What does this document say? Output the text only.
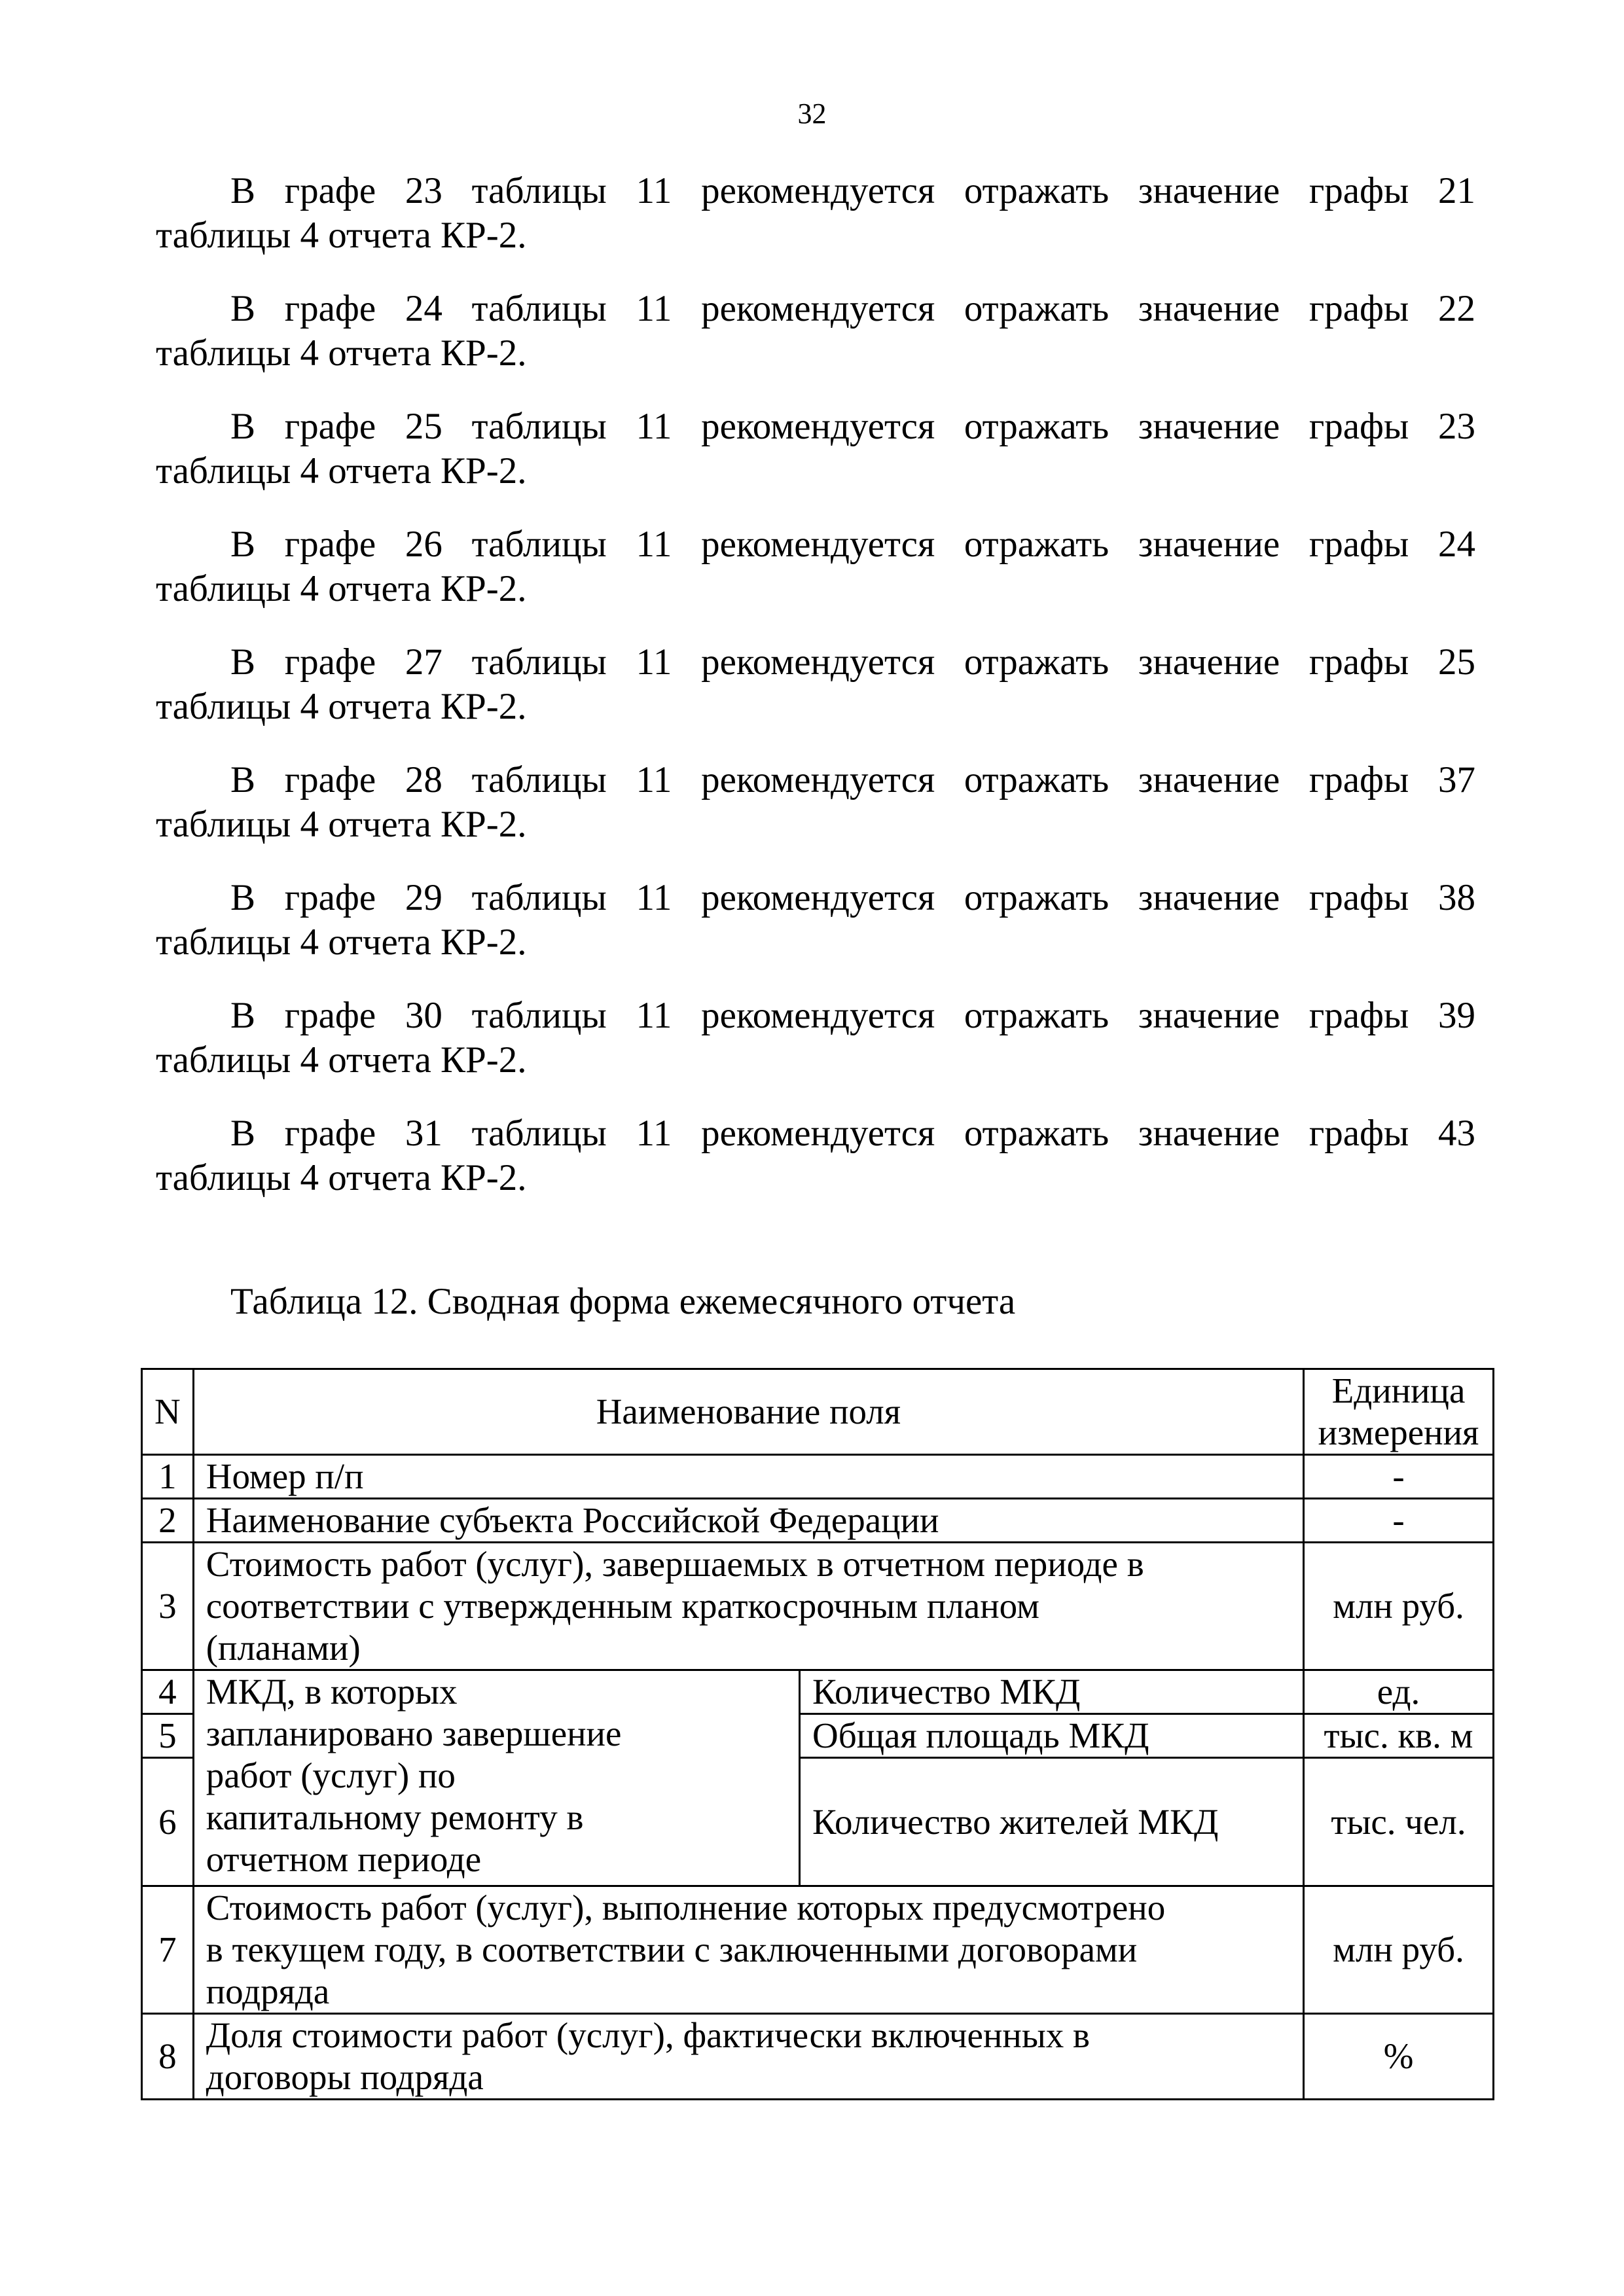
32
В графе 23 таблицы 11 рекомендуется отражать значение графы 21
таблицы 4 отчета КР-2.
В графе 24 таблицы 11 рекомендуется отражать значение графы 22
таблицы 4 отчета КР-2.
В графе 25 таблицы 11 рекомендуется отражать значение графы 23
таблицы 4 отчета КР-2.
В графе 26 таблицы 11 рекомендуется отражать значение графы 24
таблицы 4 отчета КР-2.
В графе 27 таблицы 11 рекомендуется отражать значение графы 25
таблицы 4 отчета КР-2.
В графе 28 таблицы 11 рекомендуется отражать значение графы 37
таблицы 4 отчета КР-2.
В графе 29 таблицы 11 рекомендуется отражать значение графы 38
таблицы 4 отчета КР-2.
В графе 30 таблицы 11 рекомендуется отражать значение графы 39
таблицы 4 отчета КР-2.
В графе 31 таблицы 11 рекомендуется отражать значение графы 43
таблицы 4 отчета КР-2.
Таблица 12. Сводная форма ежемесячного отчета
N	Наименование поля		Единица
измерения

1	Номер п/п		-
2	Наименование субъекта Российской Федерации		-
3	Стоимость работ (услуг), завершаемых в отчетном периоде в
соответствии с утвержденным краткосрочным планом
(планами)		млн руб.
4	МКД, в которых
запланировано завершение
работ (услуг) по
капитальному ремонту в
отчетном периоде	Количество МКД	ед.
5		Общая площадь МКД	тыс. кв. м
6		Количество жителей МКД	тыс. чел.
7	Стоимость работ (услуг), выполнение которых предусмотрено
в текущем году, в соответствии с заключенными договорами
подряда		млн руб.
8	Доля стоимости работ (услуг), фактически включенных в
договоры подряда		%
